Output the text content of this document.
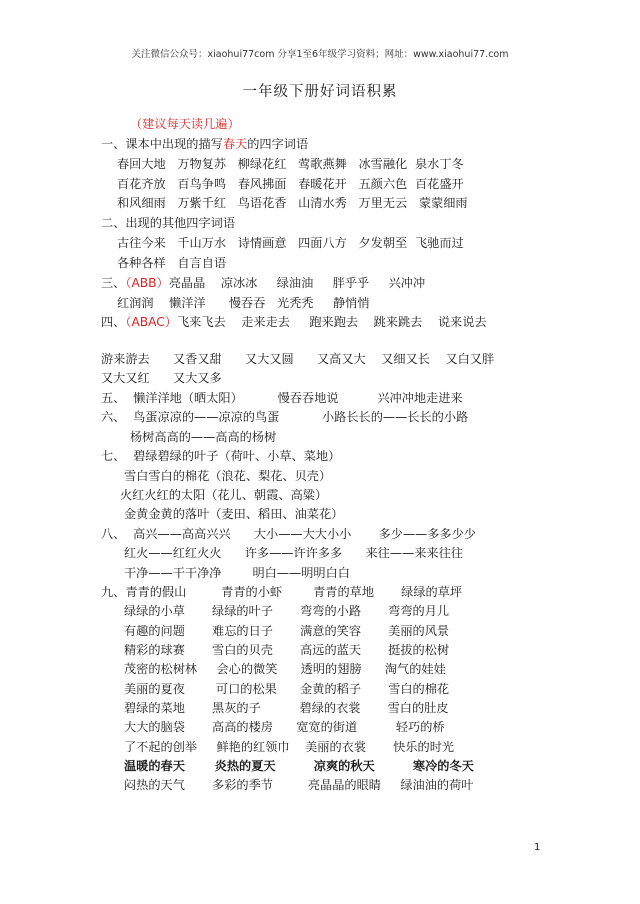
关注微信公众号：xiaohui77com 分享1至6年级学习资料；网址：www.xiaohui77.com
一年级下册好词语积累
（建议每天读几遍）
一、课本中出现的描写春天的四字词语
春回大地   万物复苏   柳绿花红   莺歌燕舞   冰雪融化  泉水丁冬
百花齐放   百鸟争鸣   春风拂面   春暖花开   五颜六色  百花盛开
和风细雨   万紫千红   鸟语花香   山清水秀   万里无云   蒙蒙细雨
二、出现的其他四字词语
古往今来   千山万水   诗情画意   四面八方   夕发朝至  飞驰而过
各种各样   自言自语
三、（ABB）亮晶晶    凉冰冰     绿油油     胖乎乎     兴冲冲
红润润    懒洋洋      慢吞吞   光秃秃     静悄悄
四、（ABAC）飞来飞去    走来走去     跑来跑去    跳来跳去    说来说去
游来游去      又香又甜      又大又圆      又高又大    又细又长    又白又胖
又大又红      又大又多
五、  懒洋洋地（晒太阳）         慢吞吞地说          兴冲冲地走进来
六、  鸟蛋凉凉的——凉凉的鸟蛋           小路长长的——长长的小路
杨树高高的——高高的杨树
七、  碧绿碧绿的叶子（荷叶、小草、菜地）
雪白雪白的棉花（浪花、梨花、贝壳）
火红火红的太阳（花儿、朝霞、高粱）
金黄金黄的落叶（麦田、稻田、油菜花）
八、  高兴——高高兴兴      大小——大大小小       多少——多多少少
红火——红红火火      许多——许许多多      来往——来来往往
干净——干干净净        明白——明明白白
九、青青的假山         青青的小虾        青青的草地       绿绿的草坪
绿绿的小草       绿绿的叶子       弯弯的小路       弯弯的月儿
有趣的问题       难忘的日子       满意的笑容       美丽的风景
精彩的球赛       雪白的贝壳       高远的蓝天       挺拔的松树
茂密的松树林     会心的微笑      透明的翅膀      淘气的娃娃
美丽的夏夜        可口的松果      金黄的稻子       雪白的棉花
碧绿的菜地       黑灰的子          碧绿的衣裳       雪白的肚皮
大大的脑袋       高高的楼房      宽宽的街道          轻巧的桥
了不起的创举     鲜艳的红领巾    美丽的衣裳       快乐的时光
温暖的春天       炎热的夏天         凉爽的秋天         寒冷的冬天
闷热的天气       多彩的季节         亮晶晶的眼睛     绿油油的荷叶
1
